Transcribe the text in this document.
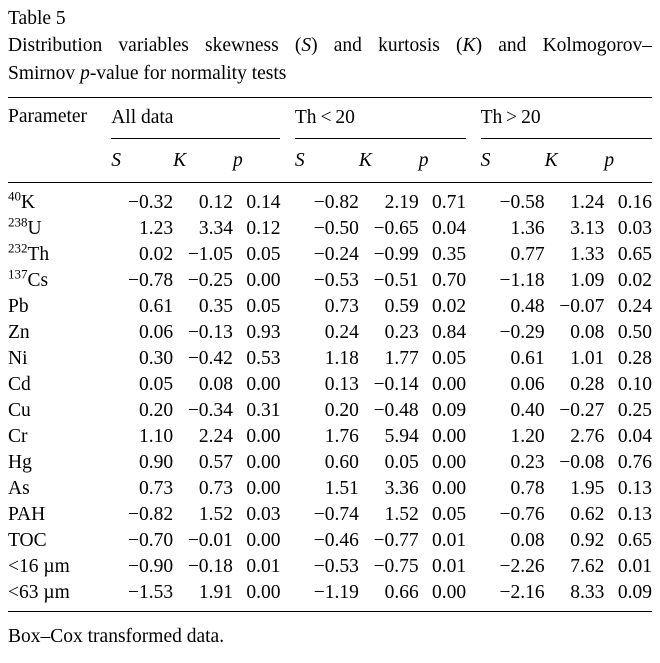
Table 5
Distribution variables skewness (S) and kurtosis (K) and Kolmogorov–
Smirnov p-value for normality tests
Parameter	All data				Th < 20				Th > 20		

	S	K	p		S	K	p		S	K	p
$^{40}$K	−0.32	0.12	0.14		−0.82	2.19	0.71		−0.58	1.24	0.16
$^{238}$U	1.23	3.34	0.12		−0.50	−0.65	0.04		1.36	3.13	0.03
$^{232}$Th	0.02	−1.05	0.05		−0.24	−0.99	0.35		0.77	1.33	0.65
$^{137}$Cs	−0.78	−0.25	0.00		−0.53	−0.51	0.70		−1.18	1.09	0.02
Pb	0.61	0.35	0.05		0.73	0.59	0.02		0.48	−0.07	0.24
Zn	0.06	−0.13	0.93		0.24	0.23	0.84		−0.29	0.08	0.50
Ni	0.30	−0.42	0.53		1.18	1.77	0.05		0.61	1.01	0.28
Cd	0.05	0.08	0.00		0.13	−0.14	0.00		0.06	0.28	0.10
Cu	0.20	−0.34	0.31		0.20	−0.48	0.09		0.40	−0.27	0.25
Cr	1.10	2.24	0.00		1.76	5.94	0.00		1.20	2.76	0.04
Hg	0.90	0.57	0.00		0.60	0.05	0.00		0.23	−0.08	0.76
As	0.73	0.73	0.00		1.51	3.36	0.00		0.78	1.95	0.13
PAH	−0.82	1.52	0.03		−0.74	1.52	0.05		−0.76	0.62	0.13
TOC	−0.70	−0.01	0.00		−0.46	−0.77	0.01		0.08	0.92	0.65
<16 µm	−0.90	−0.18	0.01		−0.53	−0.75	0.01		−2.26	7.62	0.01
<63 µm	−1.53	1.91	0.00		−1.19	0.66	0.00		−2.16	8.33	0.09
Box–Cox transformed data.
